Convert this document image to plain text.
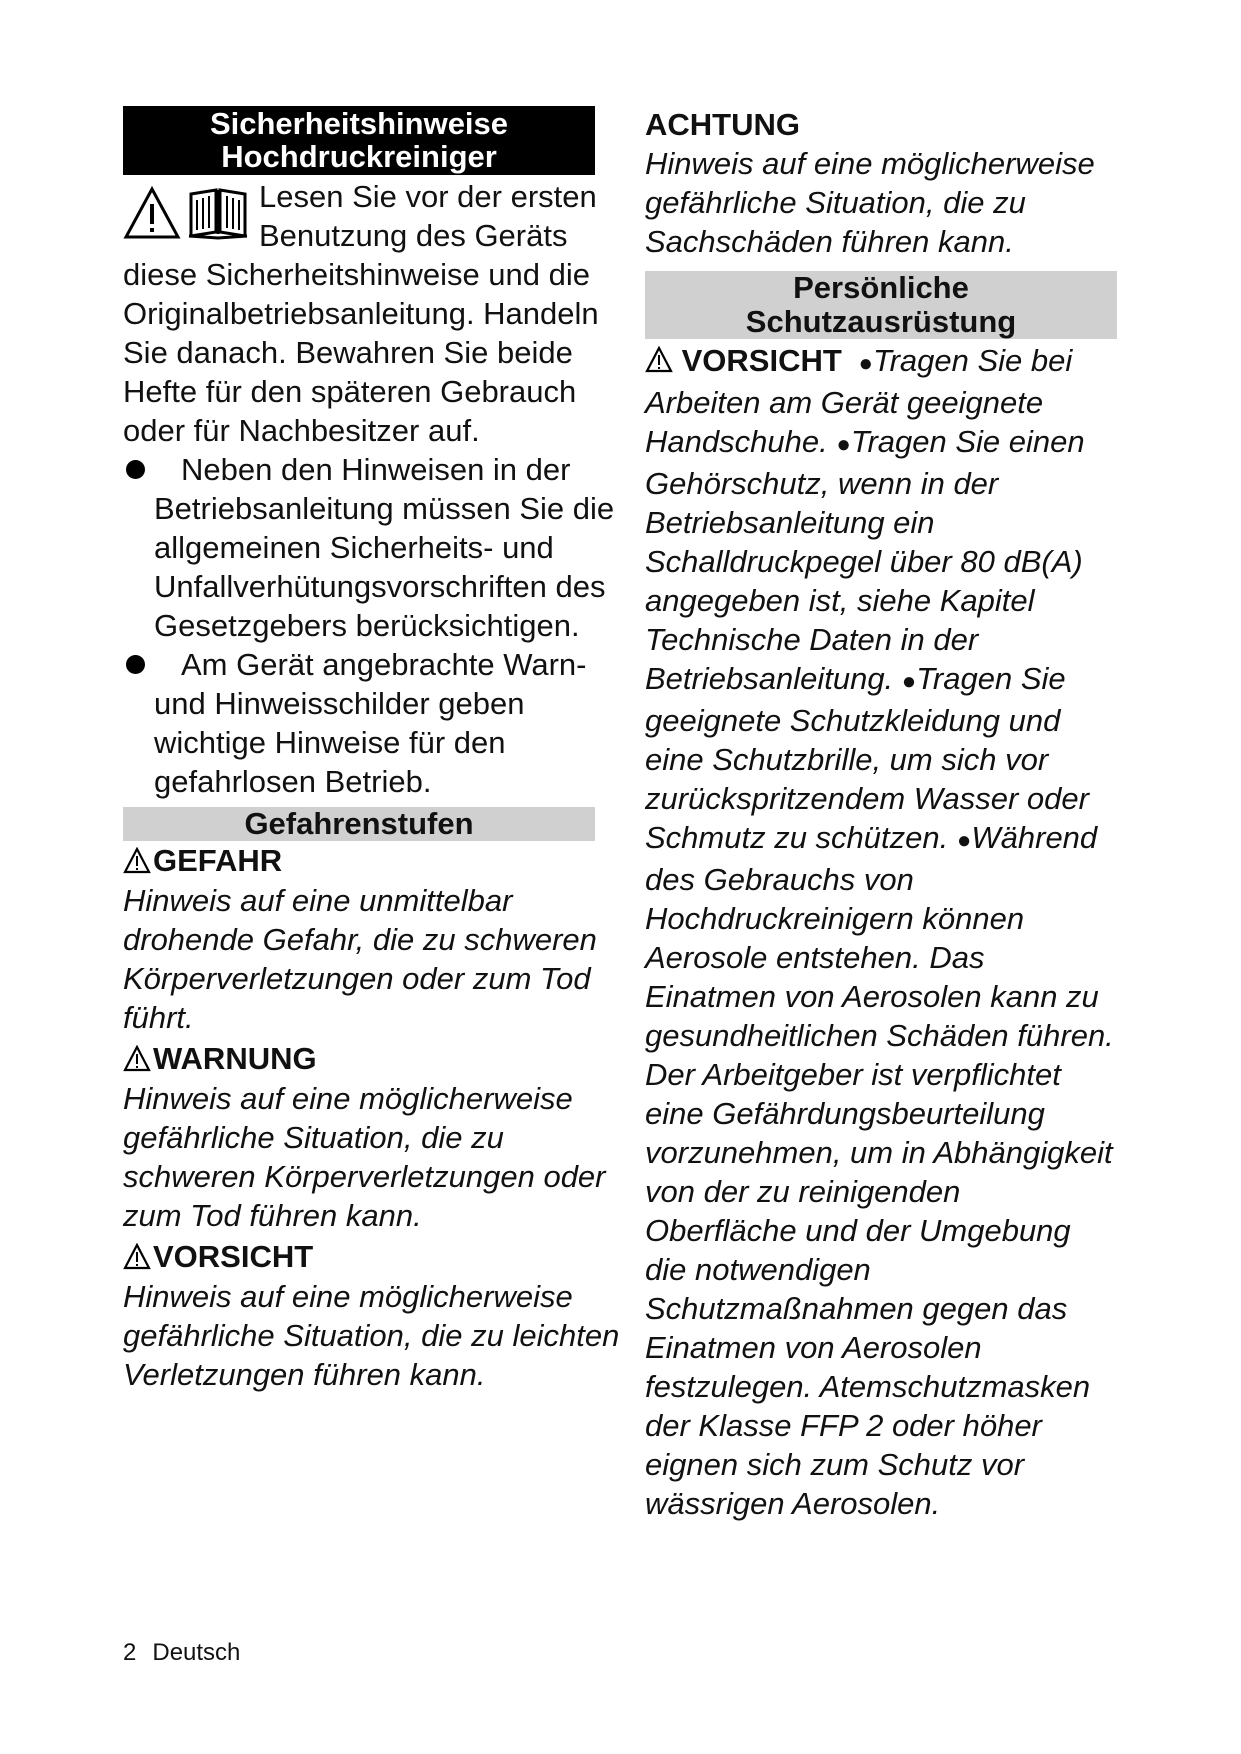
Sicherheitshinweise
Hochdruckreiniger

Lesen Sie vor der ersten Benutzung des Geräts diese Sicherheitshinweise und die Originalbetriebsanleitung. Handeln Sie danach. Bewahren Sie beide Hefte für den späteren Gebrauch oder für Nachbesitzer auf.

Neben den Hinweisen in der Betriebsanleitung müssen Sie die allgemeinen Sicherheits- und Unfallverhütungsvorschriften des Gesetzgebers berücksichtigen.
Am Gerät angebrachte Warn- und Hinweisschilder geben wichtige Hinweise für den gefahrlosen Betrieb.
Gefahrenstufen
GEFAHR

Hinweis auf eine unmittelbar drohende Gefahr, die zu schweren Körperverletzungen oder zum Tod führt.

WARNUNG

Hinweis auf eine möglicherweise gefährliche Situation, die zu schweren Körperverletzungen oder zum Tod führen kann.

VORSICHT

Hinweis auf eine möglicherweise gefährliche Situation, die zu leichten Verletzungen führen kann.

ACHTUNG

Hinweis auf eine möglicherweise gefährliche Situation, die zu Sachschäden führen kann.

Persönliche
Schutzausrüstung

VORSICHT ●Tragen Sie bei Arbeiten am Gerät geeignete Handschuhe. ●Tragen Sie einen Gehörschutz, wenn in der Betriebsanleitung ein Schalldruckpegel über 80 dB(A) angegeben ist, siehe Kapitel Technische Daten in der Betriebsanleitung. ●Tragen Sie geeignete Schutzkleidung und eine Schutzbrille, um sich vor zurückspritzendem Wasser oder Schmutz zu schützen. ●Während des Gebrauchs von Hochdruckreinigern können Aerosole entstehen. Das Einatmen von Aerosolen kann zu gesundheitlichen Schäden führen. Der Arbeitgeber ist verpflichtet eine Gefährdungsbeurteilung vorzunehmen, um in Abhängigkeit von der zu reinigenden Oberfläche und der Umgebung die notwendigen Schutzmaßnahmen gegen das Einatmen von Aerosolen festzulegen. Atemschutzmasken der Klasse FFP 2 oder höher eignen sich zum Schutz vor wässrigen Aerosolen.

2 Deutsch
